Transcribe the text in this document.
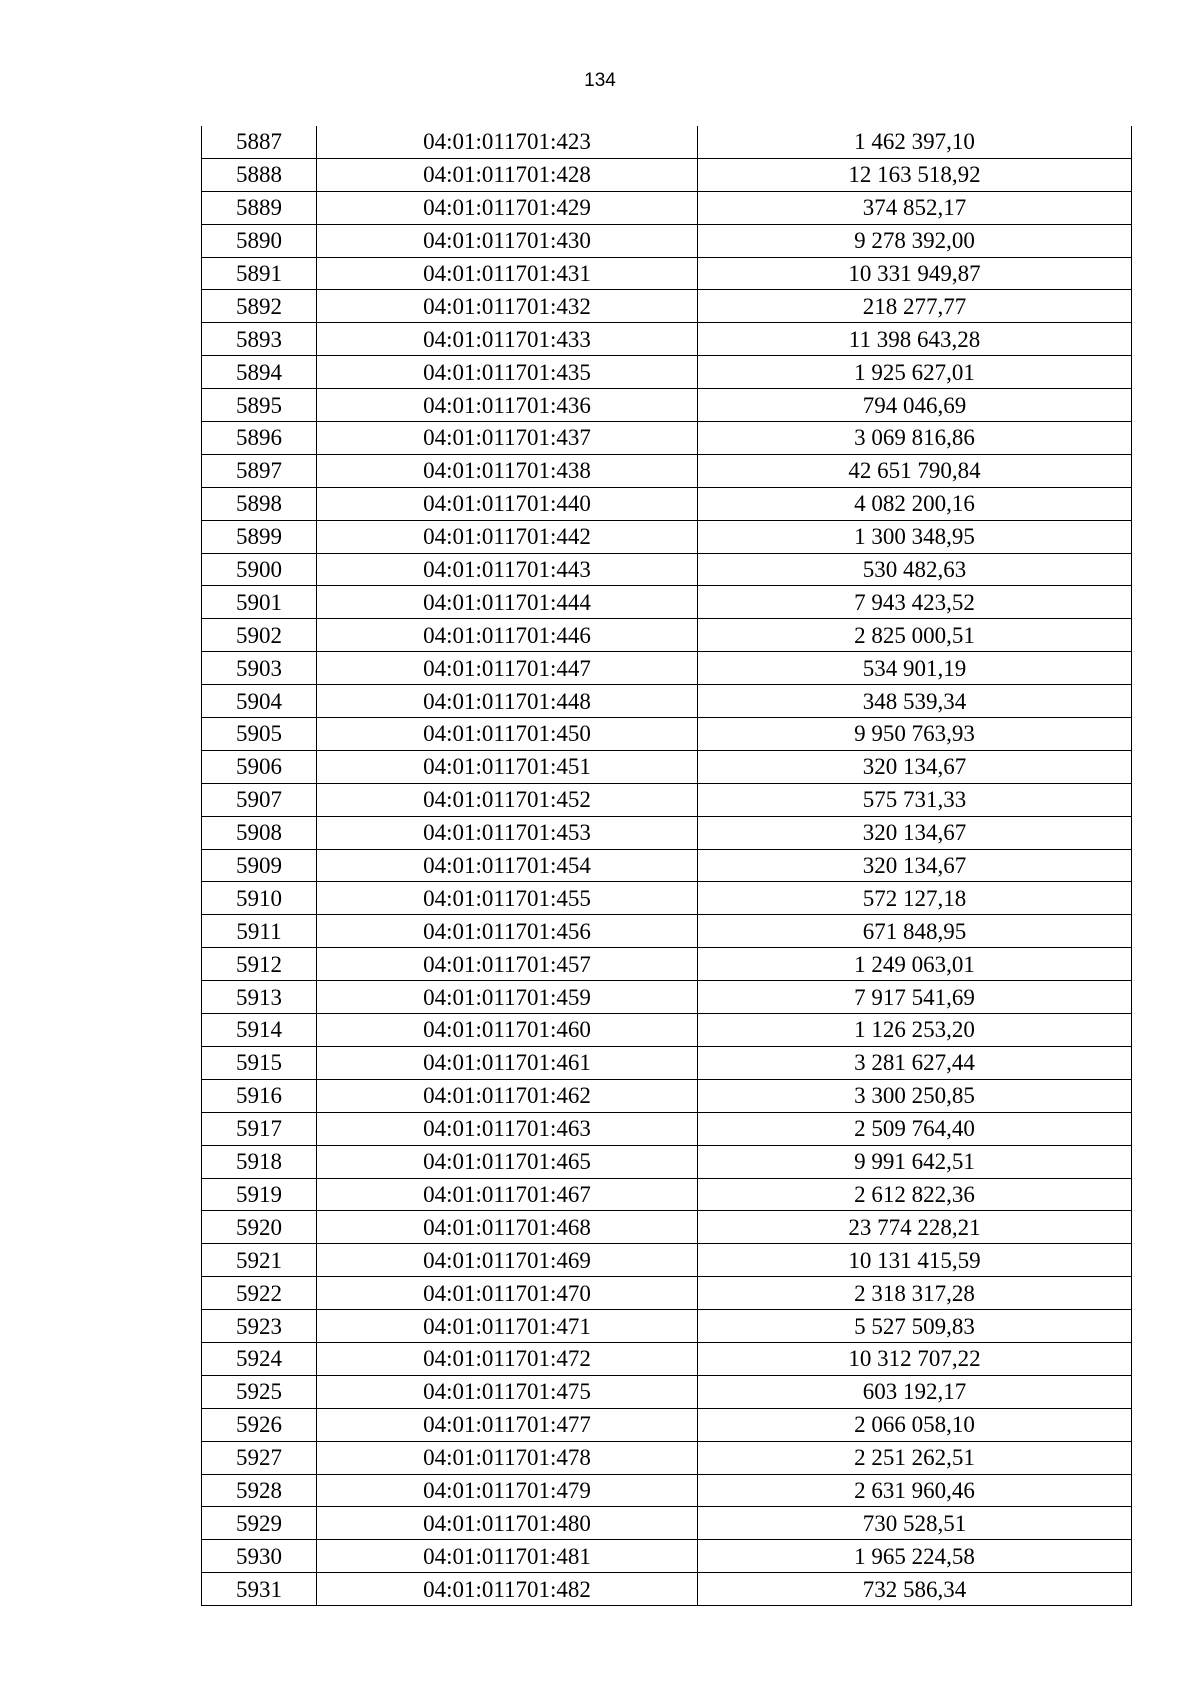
134
5887	04:01:011701:423	1 462 397,10
5888	04:01:011701:428	12 163 518,92
5889	04:01:011701:429	374 852,17
5890	04:01:011701:430	9 278 392,00
5891	04:01:011701:431	10 331 949,87
5892	04:01:011701:432	218 277,77
5893	04:01:011701:433	11 398 643,28
5894	04:01:011701:435	1 925 627,01
5895	04:01:011701:436	794 046,69
5896	04:01:011701:437	3 069 816,86
5897	04:01:011701:438	42 651 790,84
5898	04:01:011701:440	4 082 200,16
5899	04:01:011701:442	1 300 348,95
5900	04:01:011701:443	530 482,63
5901	04:01:011701:444	7 943 423,52
5902	04:01:011701:446	2 825 000,51
5903	04:01:011701:447	534 901,19
5904	04:01:011701:448	348 539,34
5905	04:01:011701:450	9 950 763,93
5906	04:01:011701:451	320 134,67
5907	04:01:011701:452	575 731,33
5908	04:01:011701:453	320 134,67
5909	04:01:011701:454	320 134,67
5910	04:01:011701:455	572 127,18
5911	04:01:011701:456	671 848,95
5912	04:01:011701:457	1 249 063,01
5913	04:01:011701:459	7 917 541,69
5914	04:01:011701:460	1 126 253,20
5915	04:01:011701:461	3 281 627,44
5916	04:01:011701:462	3 300 250,85
5917	04:01:011701:463	2 509 764,40
5918	04:01:011701:465	9 991 642,51
5919	04:01:011701:467	2 612 822,36
5920	04:01:011701:468	23 774 228,21
5921	04:01:011701:469	10 131 415,59
5922	04:01:011701:470	2 318 317,28
5923	04:01:011701:471	5 527 509,83
5924	04:01:011701:472	10 312 707,22
5925	04:01:011701:475	603 192,17
5926	04:01:011701:477	2 066 058,10
5927	04:01:011701:478	2 251 262,51
5928	04:01:011701:479	2 631 960,46
5929	04:01:011701:480	730 528,51
5930	04:01:011701:481	1 965 224,58
5931	04:01:011701:482	732 586,34
